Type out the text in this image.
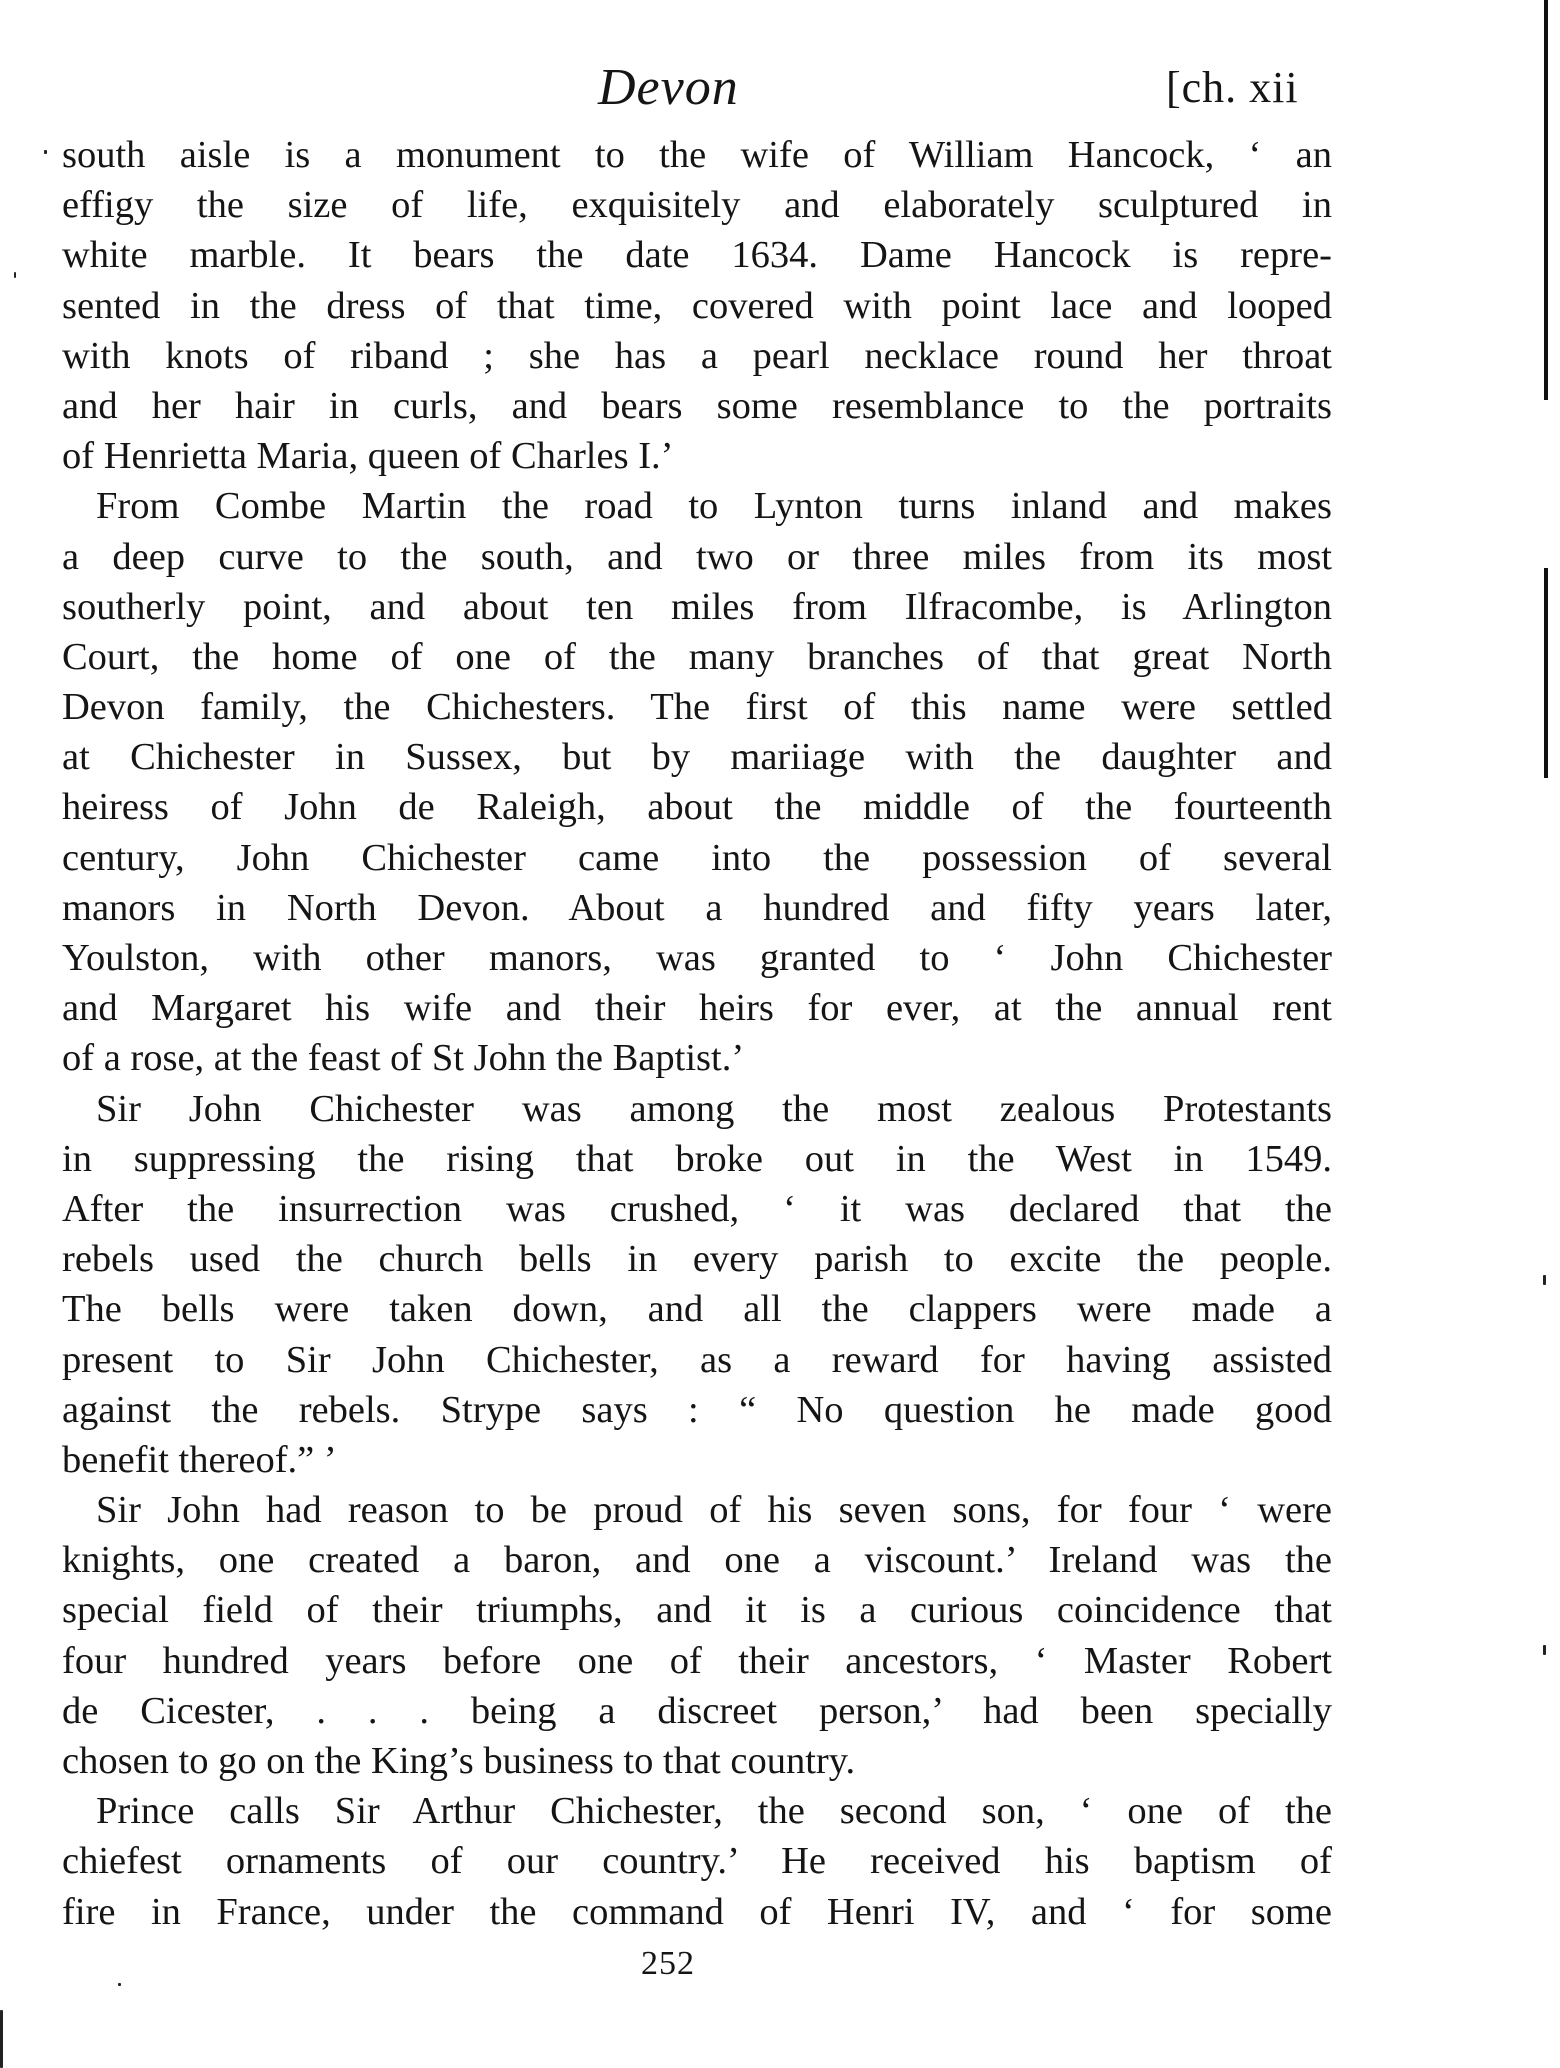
Devon	[ch. xii
south aisle is a monument to the wife of William Hancock, ‘ an
effigy the size of life, exquisitely and elaborately sculptured in
white marble. It bears the date 1634. Dame Hancock is repre-
sented in the dress of that time, covered with point lace and looped
with knots of riband ; she has a pearl necklace round her throat
and her hair in curls, and bears some resemblance to the portraits
of Henrietta Maria, queen of Charles I.’
From Combe Martin the road to Lynton turns inland and makes
a deep curve to the south, and two or three miles from its most
southerly point, and about ten miles from Ilfracombe, is Arlington
Court, the home of one of the many branches of that great North
Devon family, the Chichesters. The first of this name were settled
at Chichester in Sussex, but by mariiage with the daughter and
heiress of John de Raleigh, about the middle of the fourteenth
century, John Chichester came into the possession of several
manors in North Devon. About a hundred and fifty years later,
Youlston, with other manors, was granted to ‘ John Chichester
and Margaret his wife and their heirs for ever, at the annual rent
of a rose, at the feast of St John the Baptist.’
Sir John Chichester was among the most zealous Protestants
in suppressing the rising that broke out in the West in 1549.
After the insurrection was crushed, ‘ it was declared that the
rebels used the church bells in every parish to excite the people.
The bells were taken down, and all the clappers were made a
present to Sir John Chichester, as a reward for having assisted
against the rebels. Strype says : “ No question he made good
benefit thereof.” ’
Sir John had reason to be proud of his seven sons, for four ‘ were
knights, one created a baron, and one a viscount.’ Ireland was the
special field of their triumphs, and it is a curious coincidence that
four hundred years before one of their ancestors, ‘ Master Robert
de Cicester, . . . being a discreet person,’ had been specially
chosen to go on the King’s business to that country.
Prince calls Sir Arthur Chichester, the second son, ‘ one of the
chiefest ornaments of our country.’ He received his baptism of
fire in France, under the command of Henri IV, and ‘ for some
252
